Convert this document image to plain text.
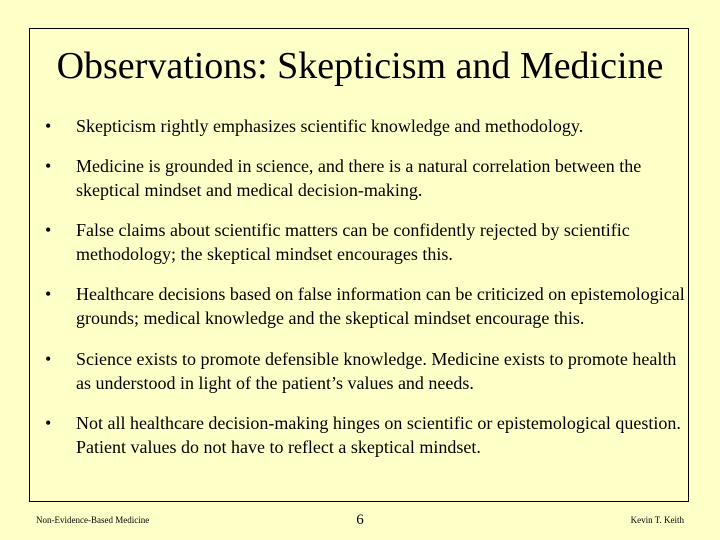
Observations: Skepticism and Medicine
• Skepticism rightly emphasizes scientific knowledge and methodology.
• Medicine is grounded in science, and there is a natural correlation between the skeptical mindset and medical decision-making.
• False claims about scientific matters can be confidently rejected by scientific methodology; the skeptical mindset encourages this.
• Healthcare decisions based on false information can be criticized on epistemological grounds; medical knowledge and the skeptical mindset encourage this.
• Science exists to promote defensible knowledge. Medicine exists to promote health as understood in light of the patient’s values and needs.
• Not all healthcare decision-making hinges on scientific or epistemological question. Patient values do not have to reflect a skeptical mindset.
Non-Evidence-Based Medicine	6	Kevin T. Keith
